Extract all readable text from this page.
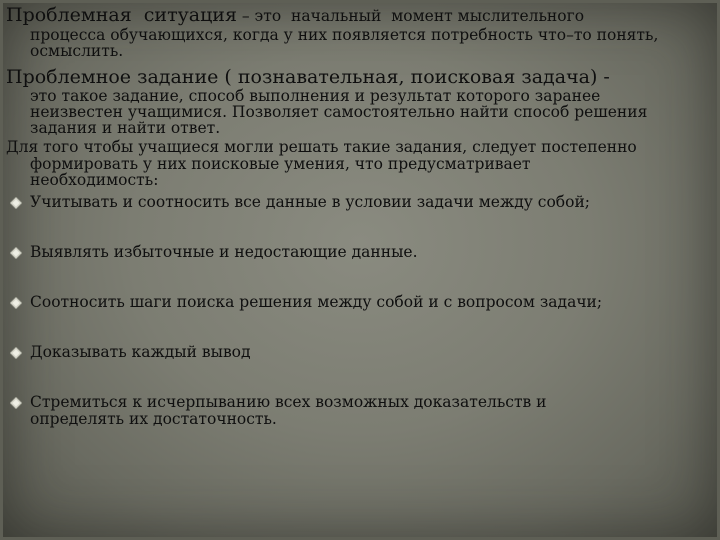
Проблемная  ситуация – это  начальный  момент мыслительного

процесса обучающихся, когда у них появляется потребность что–то понять, осмыслить.

Проблемное задание ( познавательная, поисковая задача) -

это такое задание, способ выполнения и результат которого заранее неизвестен учащимися. Позволяет самостоятельно найти способ решения задания и найти ответ.

Для того чтобы учащиеся могли решать такие задания, следует постепенно

формировать у них поисковые умения, что предусматривает необходимость:

Учитывать и соотносить все данные в условии задачи между собой;
Выявлять избыточные и недостающие данные.
Соотносить шаги поиска решения между собой и с вопросом задачи;
Доказывать каждый вывод
Стремиться к исчерпыванию всех возможных доказательств и определять их достаточность.
